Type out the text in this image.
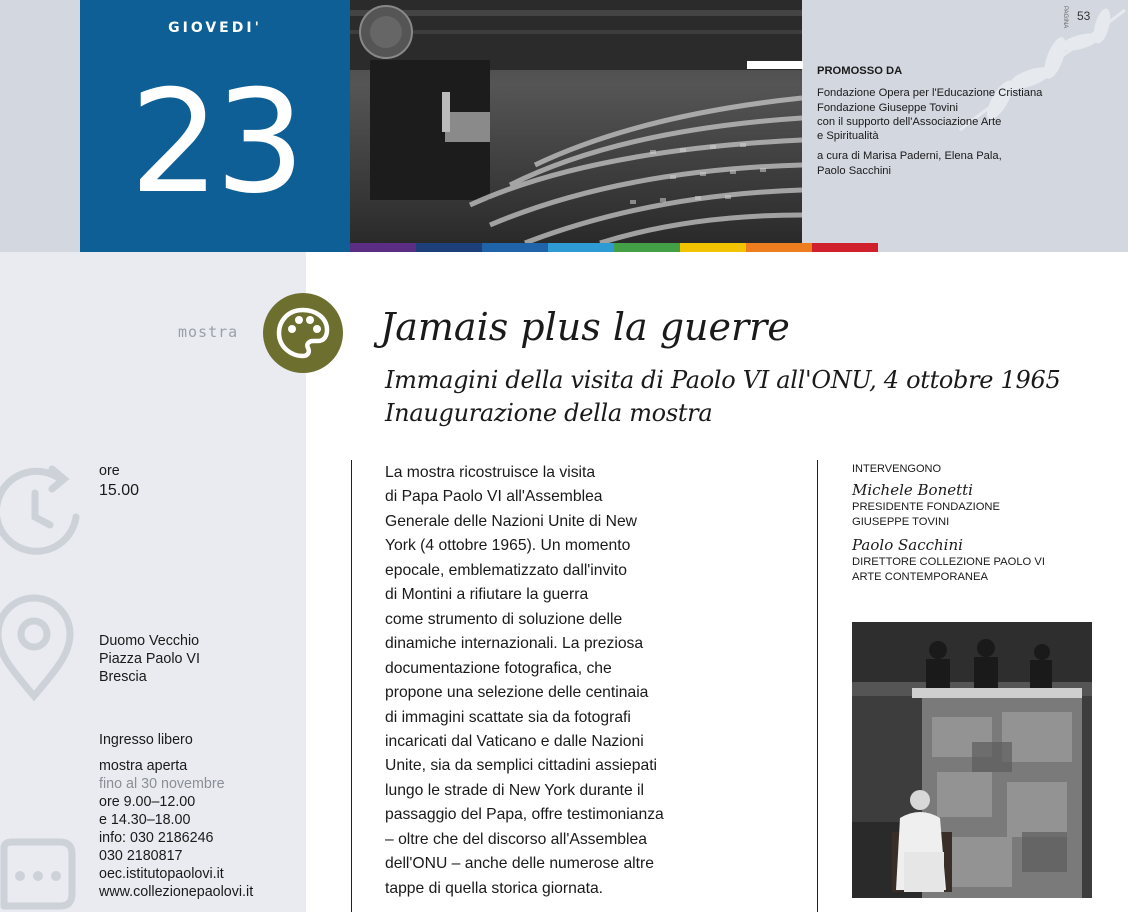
GIOVEDI'
23
PAGINA 53
PROMOSSO DA
Fondazione Opera per l'Educazione Cristiana
Fondazione Giuseppe Tovini
con il supporto dell'Associazione Arte
e Spiritualità
a cura di Marisa Paderni, Elena Pala,
Paolo Sacchini
mostra	Jamais plus la guerre
Immagini della visita di Paolo VI all'ONU, 4 ottobre 1965
Inaugurazione della mostra
ore
15.00
Duomo Vecchio
Piazza Paolo VI
Brescia
Ingresso libero
mostra aperta
fino al 30 novembre
ore 9.00–12.00
e 14.30–18.00
info: 030 2186246
030 2180817
oec.istitutopaolovi.it
www.collezionepaolovi.it
La mostra ricostruisce la visita
di Papa Paolo VI all'Assemblea
Generale delle Nazioni Unite di New
York (4 ottobre 1965). Un momento
epocale, emblematizzato dall'invito
di Montini a rifiutare la guerra
come strumento di soluzione delle
dinamiche internazionali. La preziosa
documentazione fotografica, che
propone una selezione delle centinaia
di immagini scattate sia da fotografi
incaricati dal Vaticano e dalle Nazioni
Unite, sia da semplici cittadini assiepati
lungo le strade di New York durante il
passaggio del Papa, offre testimonianza
– oltre che del discorso all'Assemblea
dell'ONU – anche delle numerose altre
tappe di quella storica giornata.
INTERVENGONO
Michele Bonetti
PRESIDENTE FONDAZIONE
GIUSEPPE TOVINI
Paolo Sacchini
DIRETTORE COLLEZIONE PAOLO VI
ARTE CONTEMPORANEA
